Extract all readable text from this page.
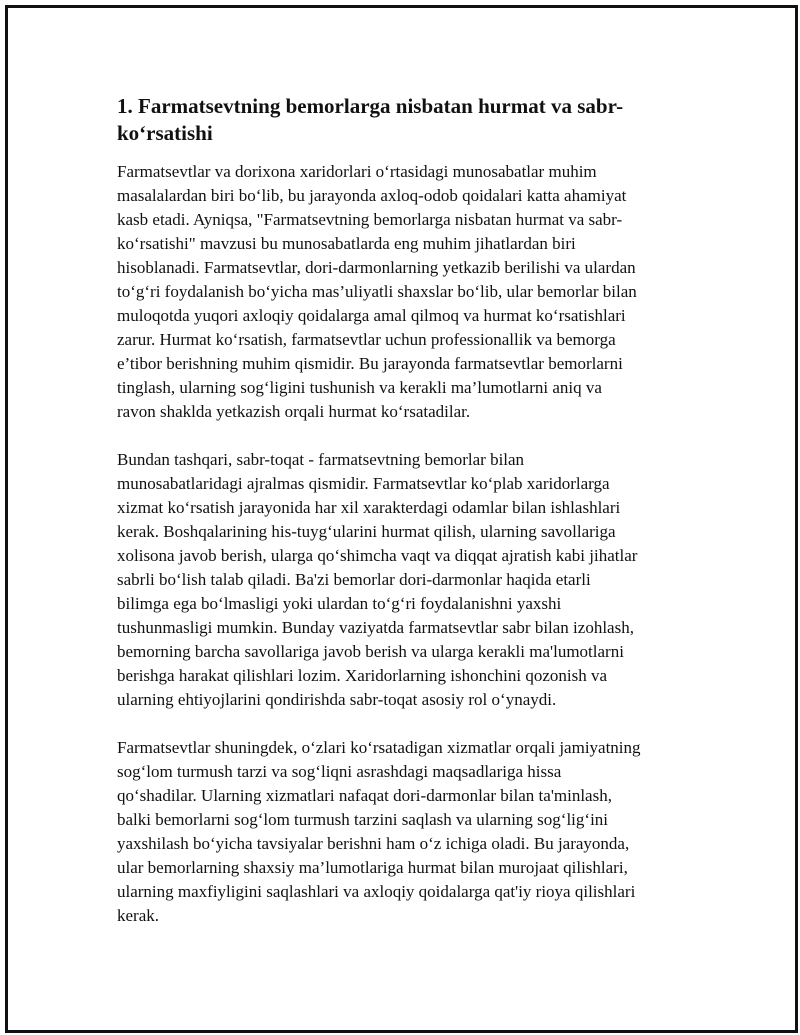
1. Farmatsevtning bemorlarga nisbatan hurmat va sabr-
ko‘rsatishi

Farmatsevtlar va dorixona xaridorlari o‘rtasidagi munosabatlar muhim
masalalardan biri bo‘lib, bu jarayonda axloq-odob qoidalari katta ahamiyat
kasb etadi. Ayniqsa, "Farmatsevtning bemorlarga nisbatan hurmat va sabr-
ko‘rsatishi" mavzusi bu munosabatlarda eng muhim jihatlardan biri
hisoblanadi. Farmatsevtlar, dori-darmonlarning yetkazib berilishi va ulardan
to‘g‘ri foydalanish bo‘yicha mas’uliyatli shaxslar bo‘lib, ular bemorlar bilan
muloqotda yuqori axloqiy qoidalarga amal qilmoq va hurmat ko‘rsatishlari
zarur. Hurmat ko‘rsatish, farmatsevtlar uchun professionallik va bemorga
e’tibor berishning muhim qismidir. Bu jarayonda farmatsevtlar bemorlarni
tinglash, ularning sog‘ligini tushunish va kerakli ma’lumotlarni aniq va
ravon shaklda yetkazish orqali hurmat ko‘rsatadilar.

Bundan tashqari, sabr-toqat - farmatsevtning bemorlar bilan
munosabatlaridagi ajralmas qismidir. Farmatsevtlar ko‘plab xaridorlarga
xizmat ko‘rsatish jarayonida har xil xarakterdagi odamlar bilan ishlashlari
kerak. Boshqalarining his-tuyg‘ularini hurmat qilish, ularning savollariga
xolisona javob berish, ularga qo‘shimcha vaqt va diqqat ajratish kabi jihatlar
sabrli bo‘lish talab qiladi. Ba'zi bemorlar dori-darmonlar haqida etarli
bilimga ega bo‘lmasligi yoki ulardan to‘g‘ri foydalanishni yaxshi
tushunmasligi mumkin. Bunday vaziyatda farmatsevtlar sabr bilan izohlash,
bemorning barcha savollariga javob berish va ularga kerakli ma'lumotlarni
berishga harakat qilishlari lozim. Xaridorlarning ishonchini qozonish va
ularning ehtiyojlarini qondirishda sabr-toqat asosiy rol o‘ynaydi.

Farmatsevtlar shuningdek, o‘zlari ko‘rsatadigan xizmatlar orqali jamiyatning
sog‘lom turmush tarzi va sog‘liqni asrashdagi maqsadlariga hissa
qo‘shadilar. Ularning xizmatlari nafaqat dori-darmonlar bilan ta'minlash,
balki bemorlarni sog‘lom turmush tarzini saqlash va ularning sog‘lig‘ini
yaxshilash bo‘yicha tavsiyalar berishni ham o‘z ichiga oladi. Bu jarayonda,
ular bemorlarning shaxsiy ma’lumotlariga hurmat bilan murojaat qilishlari,
ularning maxfiyligini saqlashlari va axloqiy qoidalarga qat'iy rioya qilishlari
kerak.
